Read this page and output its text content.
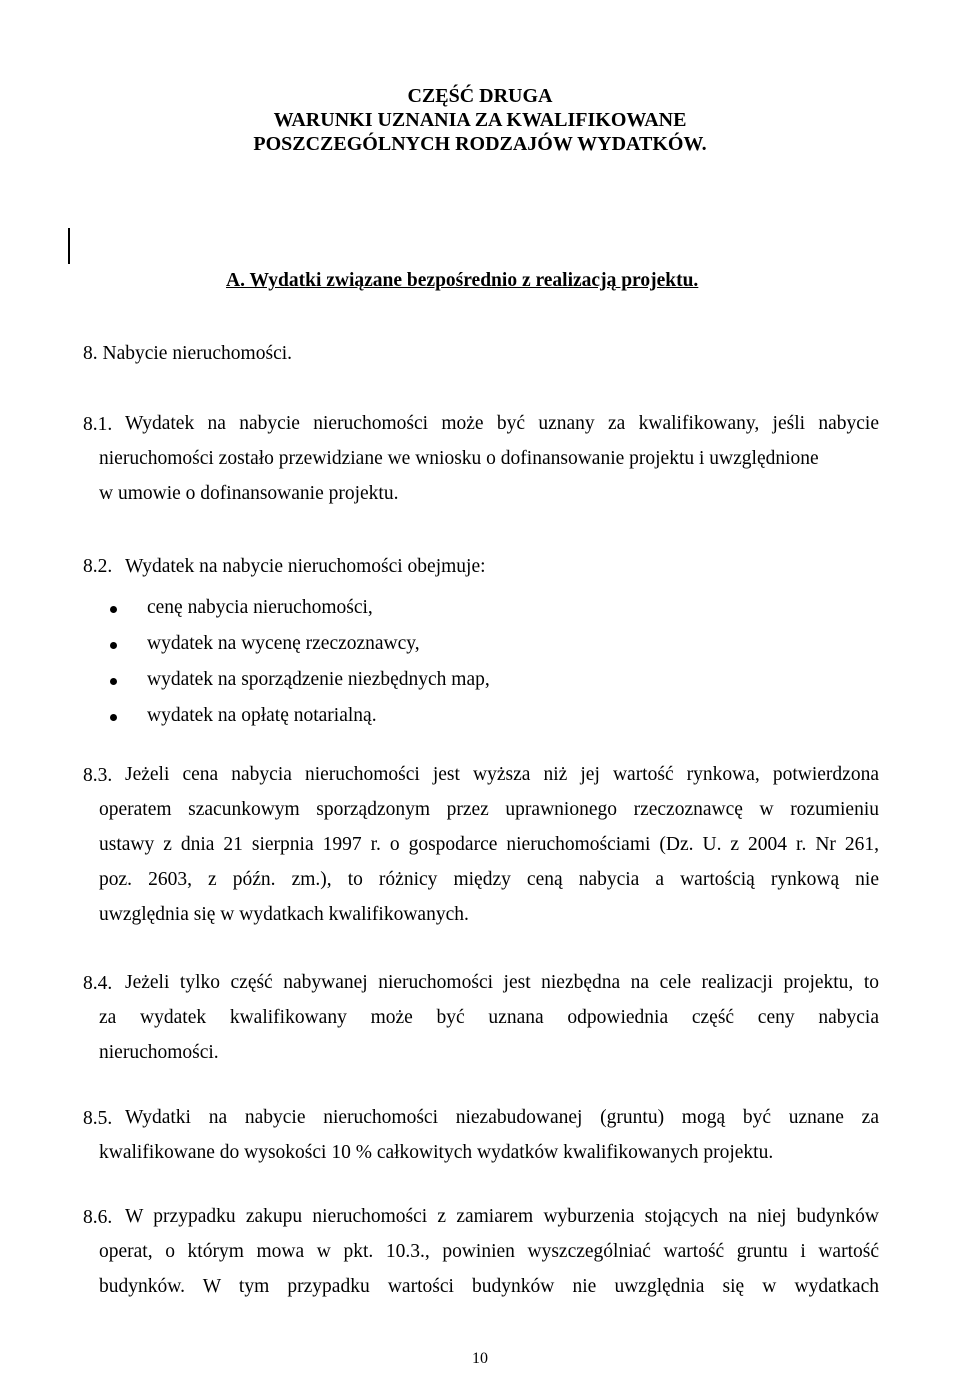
CZĘŚĆ DRUGA
WARUNKI UZNANIA ZA KWALIFIKOWANE
POSZCZEGÓLNYCH RODZAJÓW WYDATKÓW.
A. Wydatki związane bezpośrednio z realizacją projektu.
8. Nabycie nieruchomości.
8.1. Wydatek na nabycie nieruchomości może być uznany za kwalifikowany, jeśli nabycie
nieruchomości zostało przewidziane we wniosku o dofinansowanie projektu i uwzględnione
w umowie o dofinansowanie projektu.
8.2. Wydatek na nabycie nieruchomości obejmuje:
cenę nabycia nieruchomości,
wydatek na wycenę rzeczoznawcy,
wydatek na sporządzenie niezbędnych map,
wydatek na opłatę notarialną.
8.3. Jeżeli cena nabycia nieruchomości jest wyższa niż jej wartość rynkowa, potwierdzona
operatem szacunkowym sporządzonym przez uprawnionego rzeczoznawcę w rozumieniu
ustawy z dnia 21 sierpnia 1997 r. o gospodarce nieruchomościami (Dz. U. z 2004 r. Nr 261,
poz. 2603, z późn. zm.), to różnicy między ceną nabycia a wartością rynkową nie
uwzględnia się w wydatkach kwalifikowanych.
8.4. Jeżeli tylko część nabywanej nieruchomości jest niezbędna na cele realizacji projektu, to
za wydatek kwalifikowany może być uznana odpowiednia część ceny nabycia
nieruchomości.
8.5. Wydatki na nabycie nieruchomości niezabudowanej (gruntu) mogą być uznane za
kwalifikowane do wysokości 10 % całkowitych wydatków kwalifikowanych projektu.
8.6. W przypadku zakupu nieruchomości z zamiarem wyburzenia stojących na niej budynków
operat, o którym mowa w pkt. 10.3., powinien wyszczególniać wartość gruntu i wartość
budynków. W tym przypadku wartości budynków nie uwzględnia się w wydatkach
10
